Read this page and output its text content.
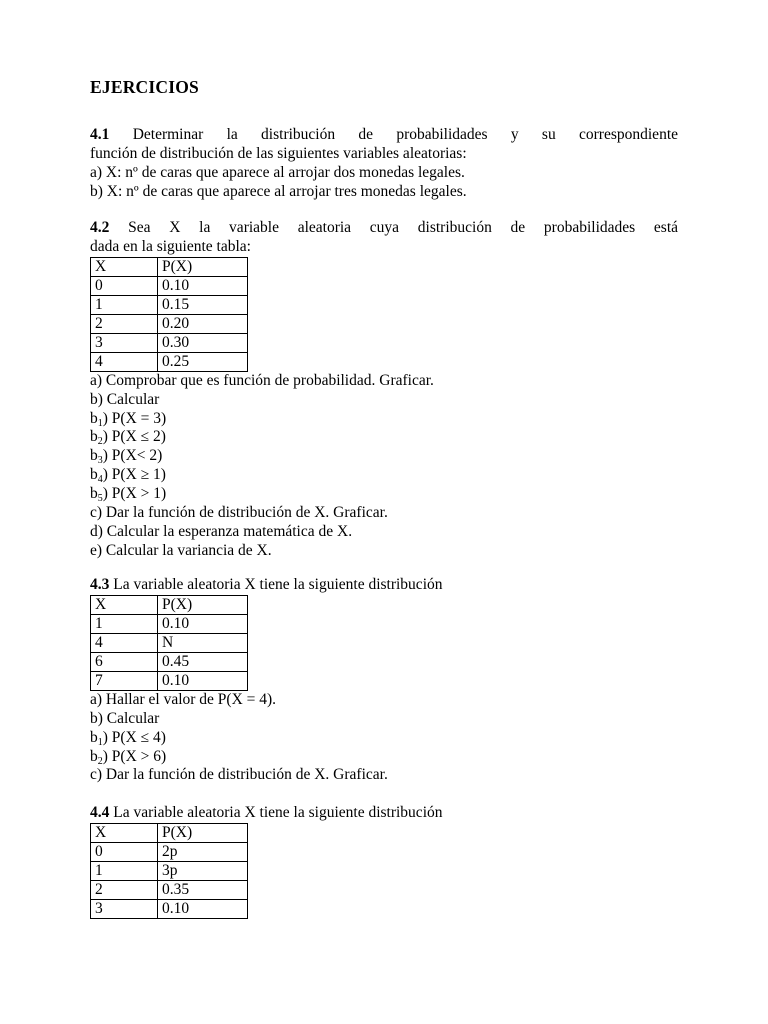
EJERCICIOS
4.1 Determinar la distribución de probabilidades y su correspondiente
función de distribución de las siguientes variables aleatorias:
a) X: nº de caras que aparece al arrojar dos monedas legales.
b) X: nº de caras que aparece al arrojar tres monedas legales.
4.2 Sea X la variable aleatoria cuya distribución de probabilidades está
dada en la siguiente tabla:
X	P(X)
0	0.10
1	0.15
2	0.20
3	0.30
4	0.25
a) Comprobar que es función de probabilidad. Graficar.
b) Calcular
$b_1$) P(X = 3)
$b_2$) P(X ≤ 2)
$b_3$) P(X< 2)
$b_4$) P(X ≥ 1)
$b_5$) P(X > 1)
c) Dar la función de distribución de X. Graficar.
d) Calcular la esperanza matemática de X.
e) Calcular la variancia de X.
4.3 La variable aleatoria X tiene la siguiente distribución
X	P(X)
1	0.10
4	N
6	0.45
7	0.10
a) Hallar el valor de P(X = 4).
b) Calcular
$b_1$) P(X ≤ 4)
$b_2$) P(X > 6)
c) Dar la función de distribución de X. Graficar.
4.4 La variable aleatoria X tiene la siguiente distribución
X	P(X)
0	2p
1	3p
2	0.35
3	0.10
